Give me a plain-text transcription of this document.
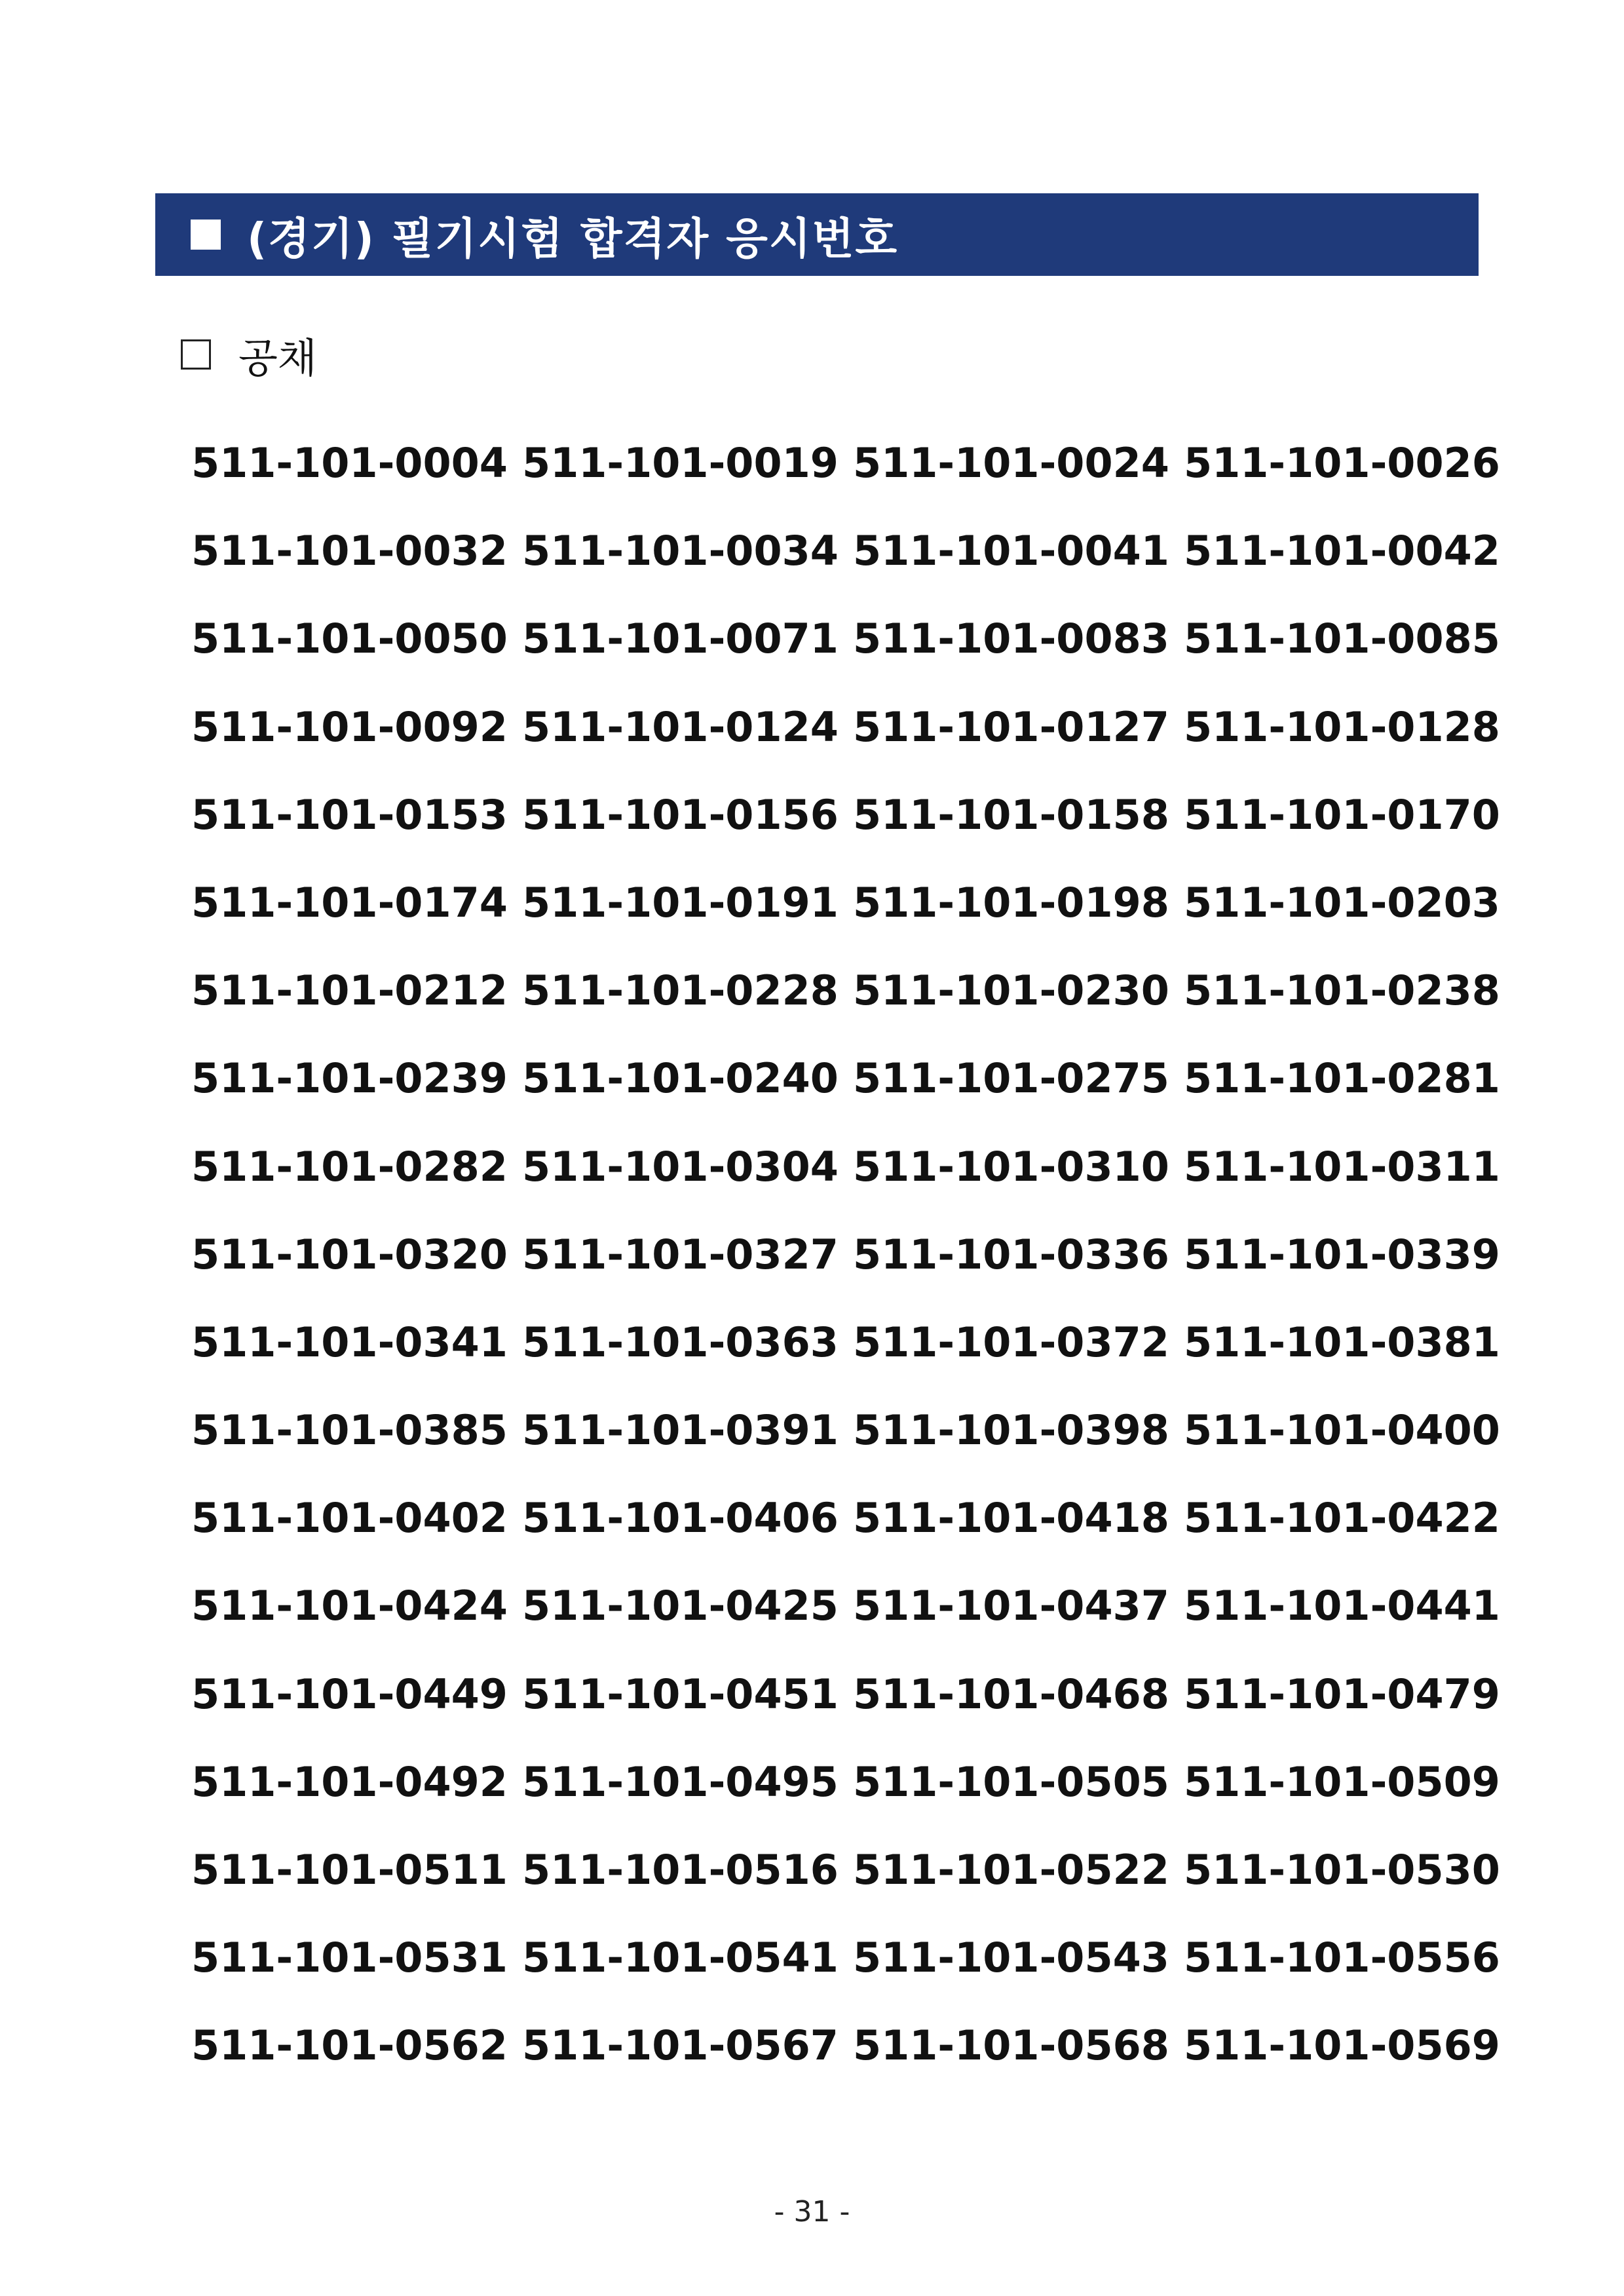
(경기) 필기시험 합격자 응시번호
공채
511-101-0004 511-101-0019 511-101-0024 511-101-0026
511-101-0032 511-101-0034 511-101-0041 511-101-0042
511-101-0050 511-101-0071 511-101-0083 511-101-0085
511-101-0092 511-101-0124 511-101-0127 511-101-0128
511-101-0153 511-101-0156 511-101-0158 511-101-0170
511-101-0174 511-101-0191 511-101-0198 511-101-0203
511-101-0212 511-101-0228 511-101-0230 511-101-0238
511-101-0239 511-101-0240 511-101-0275 511-101-0281
511-101-0282 511-101-0304 511-101-0310 511-101-0311
511-101-0320 511-101-0327 511-101-0336 511-101-0339
511-101-0341 511-101-0363 511-101-0372 511-101-0381
511-101-0385 511-101-0391 511-101-0398 511-101-0400
511-101-0402 511-101-0406 511-101-0418 511-101-0422
511-101-0424 511-101-0425 511-101-0437 511-101-0441
511-101-0449 511-101-0451 511-101-0468 511-101-0479
511-101-0492 511-101-0495 511-101-0505 511-101-0509
511-101-0511 511-101-0516 511-101-0522 511-101-0530
511-101-0531 511-101-0541 511-101-0543 511-101-0556
511-101-0562 511-101-0567 511-101-0568 511-101-0569
- 31 -
